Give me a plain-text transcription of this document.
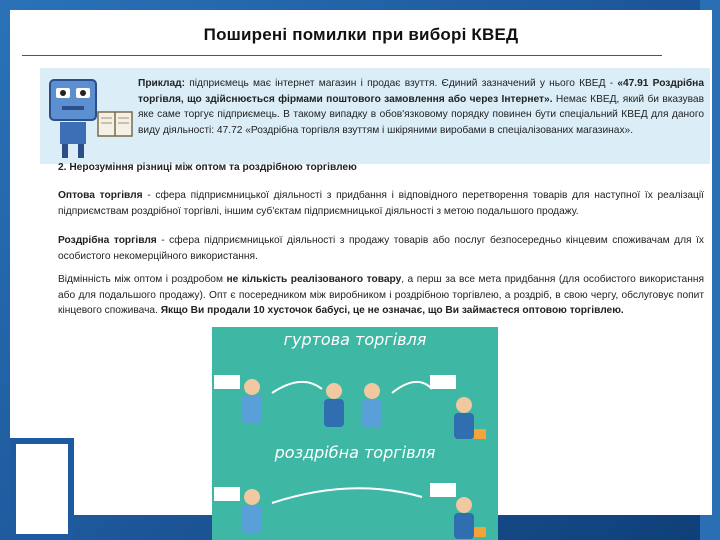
Поширені помилки при виборі КВЕД
Приклад: підприємець має інтернет магазин і продає взуття. Єдиний зазначений у нього КВЕД - «47.91 Роздрібна торгівля, що здійснюється фірмами поштового замовлення або через Інтернет». Немає КВЕД, який би вказував яке саме торгує підприємець. В такому випадку в обов'язковому порядку повинен бути спеціальний КВЕД для даного виду діяльності: 47.72 «Роздрібна торгівля взуттям і шкіряними виробами в спеціалізованих магазинах».
2. Нерозуміння різниці між оптом та роздрібною торгівлею
Оптова торгівля - сфера підприємницької діяльності з придбання і відповідного перетворення товарів для наступної їх реалізації підприємствам роздрібної торгівлі, іншим суб'єктам підприємницької діяльності з метою подальшого продажу.
Роздрібна торгівля - сфера підприємницької діяльності з продажу товарів або послуг безпосередньо кінцевим споживачам для їх особистого некомерційного використання.
Відмінність між оптом і роздробом не кількість реалізованого товару, а перш за все мета придбання (для особистого використання або для подальшого продажу). Опт є посередником між виробником і роздрібною торгівлею, а роздріб, в свою чергу, обслуговує попит кінцевого споживача. Якщо Ви продали 10 хусточок бабусі, це не означає, що Ви займаєтеся оптовою торгівлею.
гуртова торгівля
роздрібна торгівля
